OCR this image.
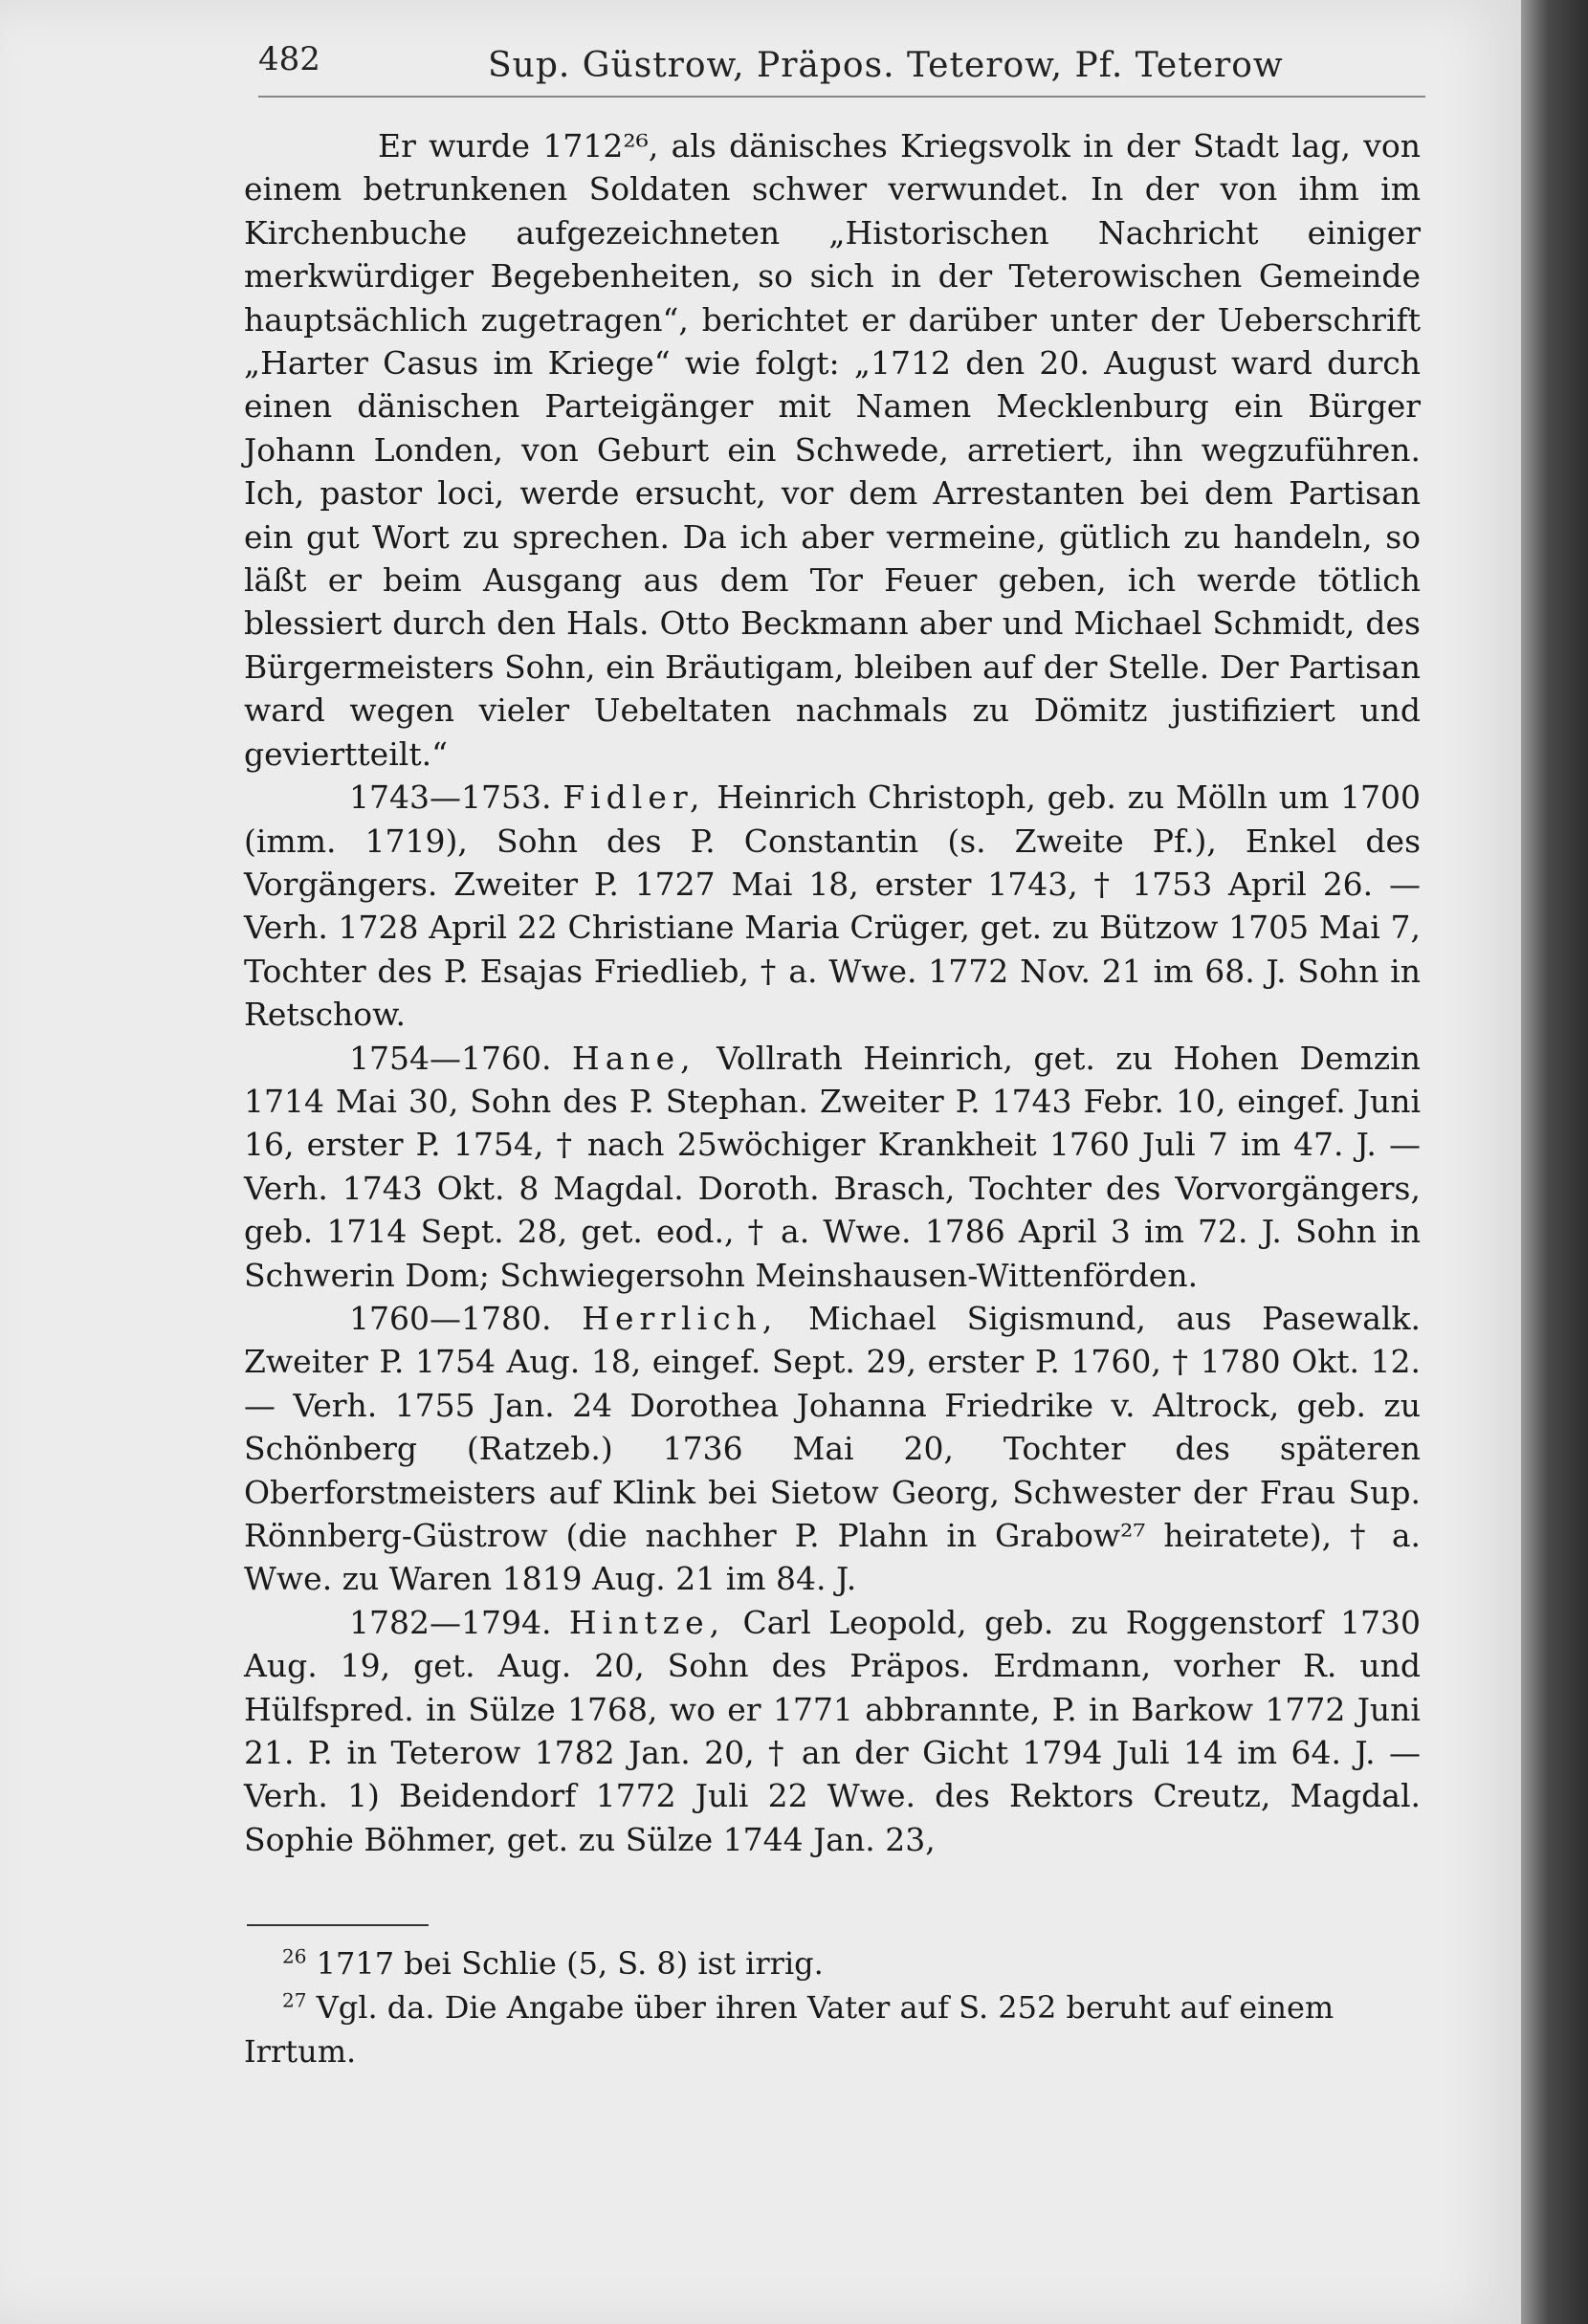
482	Sup. Güstrow, Präpos. Teterow, Pf. Teterow

Er wurde 1712²⁶, als dänisches Kriegsvolk in der Stadt lag, von einem betrunkenen Soldaten schwer verwundet. In der von ihm im Kirchenbuche aufgezeichneten „Historischen Nachricht einiger merkwürdiger Begebenheiten, so sich in der Teterowischen Gemeinde hauptsächlich zugetragen“, berichtet er darüber unter der Ueberschrift „Harter Casus im Kriege“ wie folgt: „1712 den 20. August ward durch einen dänischen Parteigänger mit Namen Mecklenburg ein Bürger Johann Londen, von Geburt ein Schwede, arretiert, ihn wegzuführen. Ich, pastor loci, werde ersucht, vor dem Arrestanten bei dem Partisan ein gut Wort zu sprechen. Da ich aber vermeine, gütlich zu handeln, so läßt er beim Ausgang aus dem Tor Feuer geben, ich werde tötlich blessiert durch den Hals. Otto Beckmann aber und Michael Schmidt, des Bürgermeisters Sohn, ein Bräutigam, bleiben auf der Stelle. Der Partisan ward wegen vieler Uebeltaten nachmals zu Dömitz justifiziert und geviertteilt.“

1743—1753. Fidler, Heinrich Christoph, geb. zu Mölln um 1700 (imm. 1719), Sohn des P. Constantin (s. Zweite Pf.), Enkel des Vorgängers. Zweiter P. 1727 Mai 18, erster 1743, † 1753 April 26. — Verh. 1728 April 22 Christiane Maria Crüger, get. zu Bützow 1705 Mai 7, Tochter des P. Esajas Friedlieb, † a. Wwe. 1772 Nov. 21 im 68. J. Sohn in Retschow.

1754—1760. Hane, Vollrath Heinrich, get. zu Hohen Demzin 1714 Mai 30, Sohn des P. Stephan. Zweiter P. 1743 Febr. 10, eingef. Juni 16, erster P. 1754, † nach 25wöchiger Krankheit 1760 Juli 7 im 47. J. — Verh. 1743 Okt. 8 Magdal. Doroth. Brasch, Tochter des Vorvorgängers, geb. 1714 Sept. 28, get. eod., † a. Wwe. 1786 April 3 im 72. J. Sohn in Schwerin Dom; Schwiegersohn Meinshausen-Wittenförden.

1760—1780. Herrlich, Michael Sigismund, aus Pasewalk. Zweiter P. 1754 Aug. 18, eingef. Sept. 29, erster P. 1760, † 1780 Okt. 12. — Verh. 1755 Jan. 24 Dorothea Johanna Friedrike v. Altrock, geb. zu Schönberg (Ratzeb.) 1736 Mai 20, Tochter des späteren Oberforstmeisters auf Klink bei Sietow Georg, Schwester der Frau Sup. Rönnberg-Güstrow (die nachher P. Plahn in Grabow²⁷ heiratete), † a. Wwe. zu Waren 1819 Aug. 21 im 84. J.

1782—1794. Hintze, Carl Leopold, geb. zu Roggenstorf 1730 Aug. 19, get. Aug. 20, Sohn des Präpos. Erdmann, vorher R. und Hülfspred. in Sülze 1768, wo er 1771 abbrannte, P. in Barkow 1772 Juni 21. P. in Teterow 1782 Jan. 20, † an der Gicht 1794 Juli 14 im 64. J. — Verh. 1) Beidendorf 1772 Juli 22 Wwe. des Rektors Creutz, Magdal. Sophie Böhmer, get. zu Sülze 1744 Jan. 23,

$^{26}$ 1717 bei Schlie (5, S. 8) ist irrig.

$^{27}$ Vgl. da. Die Angabe über ihren Vater auf S. 252 beruht auf einem Irrtum.
